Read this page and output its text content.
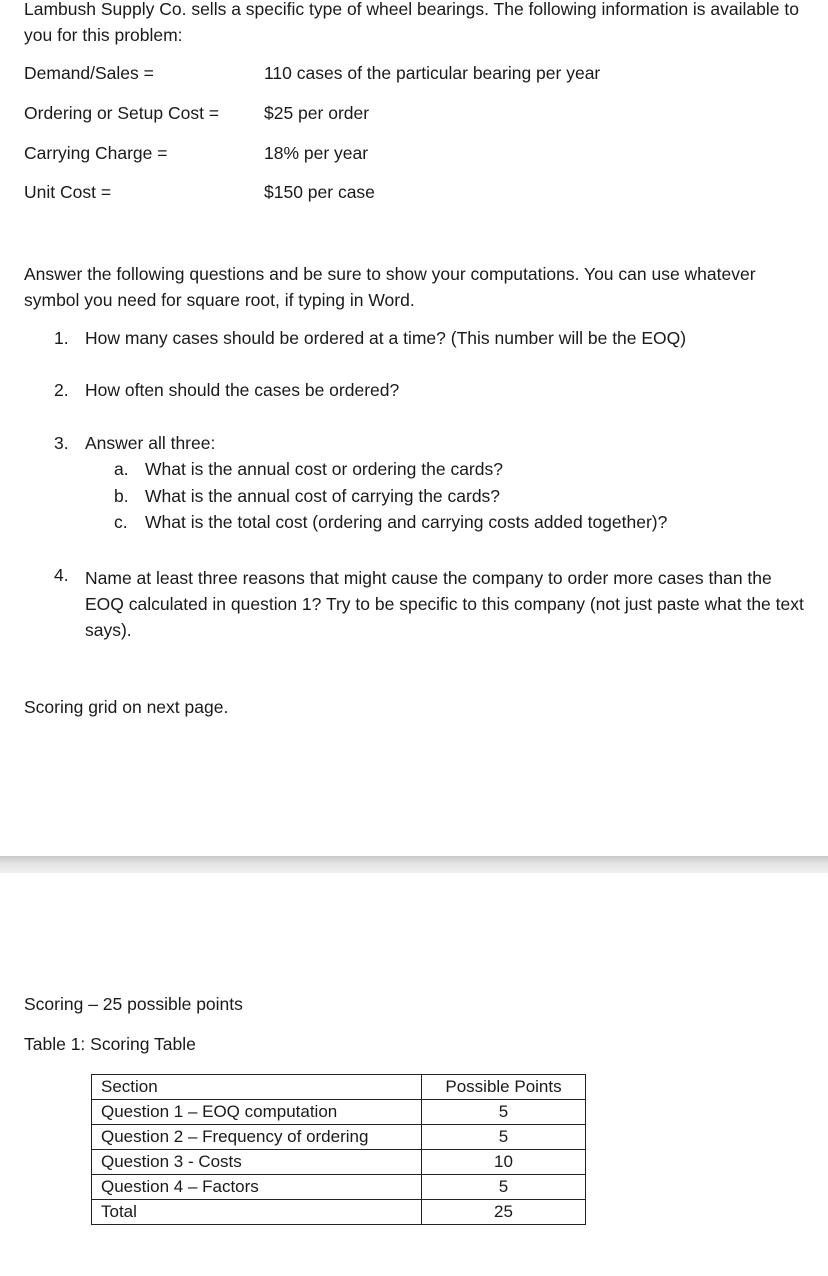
Lambush Supply Co. sells a specific type of wheel bearings. The following information is available to you for this problem:
Demand/Sales =	110 cases of the particular bearing per year
Ordering or Setup Cost =	$25 per order
Carrying Charge =	18% per year
Unit Cost =	$150 per case
Answer the following questions and be sure to show your computations. You can use whatever symbol you need for square root, if typing in Word.
1. How many cases should be ordered at a time? (This number will be the EOQ)
2. How often should the cases be ordered?
3. Answer all three:
a. What is the annual cost or ordering the cards?
b. What is the annual cost of carrying the cards?
c. What is the total cost (ordering and carrying costs added together)?
4. Name at least three reasons that might cause the company to order more cases than the EOQ calculated in question 1? Try to be specific to this company (not just paste what the text says).
Scoring grid on next page.
Scoring – 25 possible points
Table 1: Scoring Table
Section	Possible Points
Question 1 – EOQ computation	5
Question 2 – Frequency of ordering	5
Question 3 - Costs	10
Question 4 – Factors	5
Total	25
